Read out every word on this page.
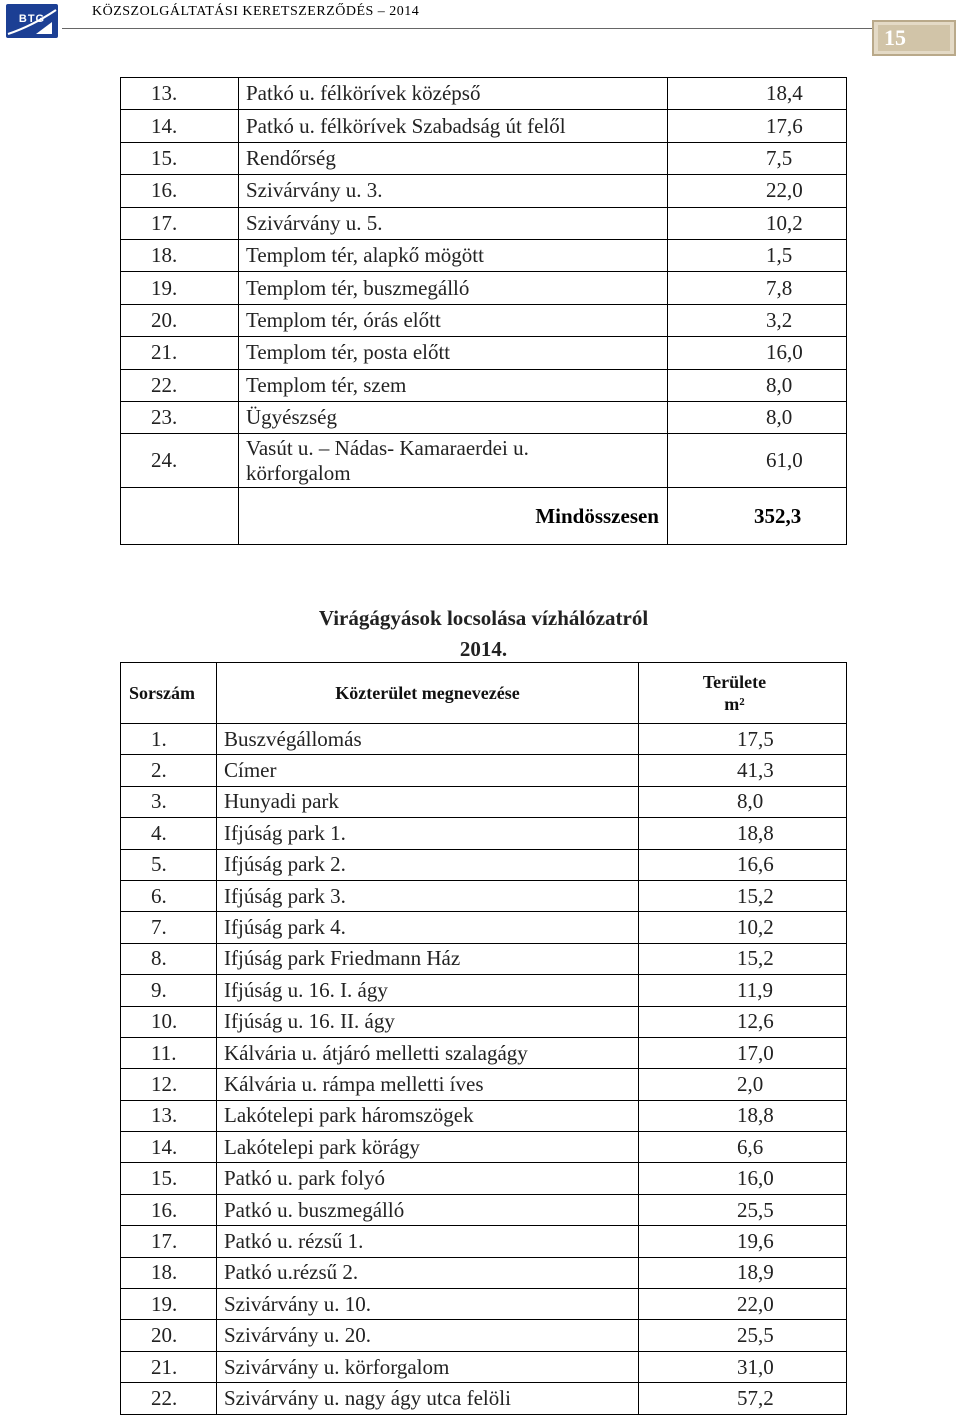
BTG	KÖZSZOLGÁLTATÁSI KERETSZERZŐDÉS – 2014
15
13.	Patkó u. félkörívek középső	18,4
14.	Patkó u. félkörívek Szabadság út felől	17,6
15.	Rendőrség	7,5
16.	Szivárvány u. 3.	22,0
17.	Szivárvány u. 5.	10,2
18.	Templom tér, alapkő mögött	1,5
19.	Templom tér, buszmegálló	7,8
20.	Templom tér, órás előtt	3,2
21.	Templom tér, posta előtt	16,0
22.	Templom tér, szem	8,0
23.	Ügyészség	8,0
24.	Vasút u. – Nádas- Kamaraerdei u.
körforgalom	61,0
	Mindösszesen	352,3
Virágágyások locsolása vízhálózatról
2014.
Sorszám	Közterület megnevezése	Területe
m²
1.	Buszvégállomás	17,5
2.	Címer	41,3
3.	Hunyadi park	8,0
4.	Ifjúság park 1.	18,8
5.	Ifjúság park 2.	16,6
6.	Ifjúság park 3.	15,2
7.	Ifjúság park 4.	10,2
8.	Ifjúság park Friedmann Ház	15,2
9.	Ifjúság u. 16. I. ágy	11,9
10.	Ifjúság u. 16. II. ágy	12,6
11.	Kálvária u. átjáró melletti szalagágy	17,0
12.	Kálvária u. rámpa melletti íves	2,0
13.	Lakótelepi park háromszögek	18,8
14.	Lakótelepi park körágy	6,6
15.	Patkó u. park folyó	16,0
16.	Patkó u. buszmegálló	25,5
17.	Patkó u. rézsű 1.	19,6
18.	Patkó u.rézsű 2.	18,9
19.	Szivárvány u. 10.	22,0
20.	Szivárvány u. 20.	25,5
21.	Szivárvány u. körforgalom	31,0
22.	Szivárvány u. nagy ágy utca felöli	57,2
